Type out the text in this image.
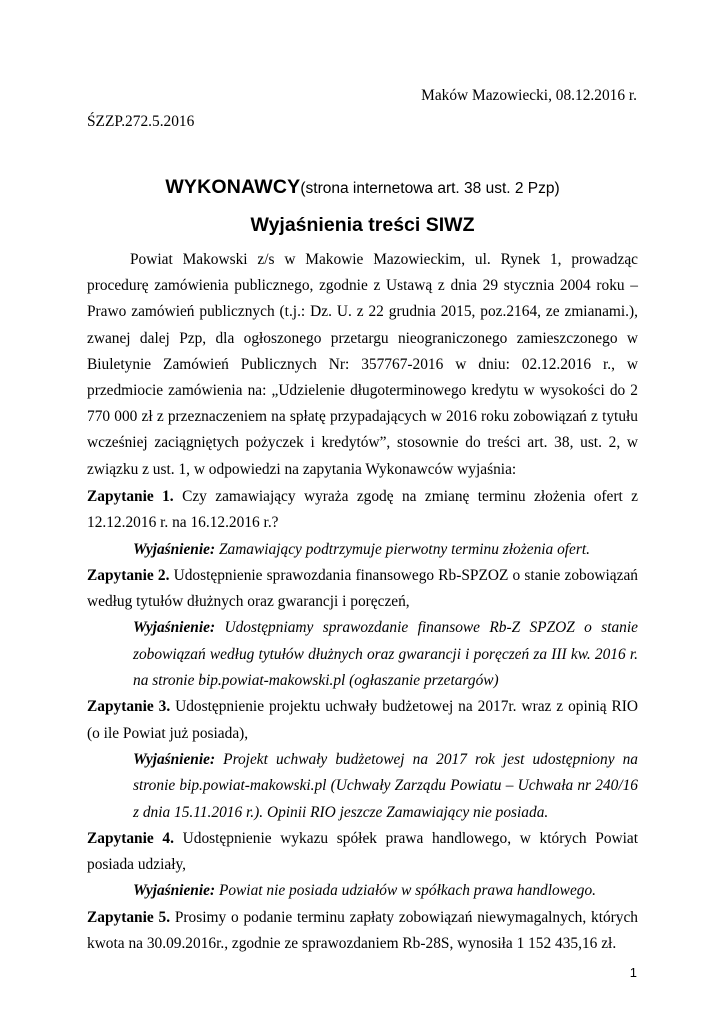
Maków Mazowiecki, 08.12.2016 r.
ŚZZP.272.5.2016
WYKONAWCY(strona internetowa art. 38 ust. 2 Pzp)
Wyjaśnienia treści SIWZ

Powiat Makowski z/s w Makowie Mazowieckim, ul. Rynek 1, prowadząc procedurę zamówienia publicznego, zgodnie z Ustawą z dnia 29 stycznia 2004 roku – Prawo zamówień publicznych (t.j.: Dz. U. z 22 grudnia 2015, poz.2164, ze zmianami.), zwanej dalej Pzp, dla ogłoszonego przetargu nieograniczonego zamieszczonego w Biuletynie Zamówień Publicznych Nr: 357767-2016 w dniu: 02.12.2016 r., w przedmiocie zamówienia na: „Udzielenie długoterminowego kredytu w wysokości do 2 770 000 zł z przeznaczeniem na spłatę przypadających w 2016 roku zobowiązań z tytułu wcześniej zaciągniętych pożyczek i kredytów”, stosownie do treści art. 38, ust. 2, w związku z ust. 1, w odpowiedzi na zapytania Wykonawców wyjaśnia:

Zapytanie 1. Czy zamawiający wyraża zgodę na zmianę terminu złożenia ofert z 12.12.2016 r. na 16.12.2016 r.?

Wyjaśnienie: Zamawiający podtrzymuje pierwotny terminu złożenia ofert.

Zapytanie 2. Udostępnienie sprawozdania finansowego Rb-SPZOZ o stanie zobowiązań według tytułów dłużnych oraz gwarancji i poręczeń,

Wyjaśnienie: Udostępniamy sprawozdanie finansowe Rb-Z SPZOZ o stanie zobowiązań według tytułów dłużnych oraz gwarancji i poręczeń za III kw. 2016 r. na stronie bip.powiat-makowski.pl (ogłaszanie przetargów)

Zapytanie 3. Udostępnienie projektu uchwały budżetowej na 2017r. wraz z opinią RIO (o ile Powiat już posiada),

Wyjaśnienie: Projekt uchwały budżetowej na 2017 rok jest udostępniony na stronie bip.powiat-makowski.pl (Uchwały Zarządu Powiatu – Uchwała nr 240/16 z dnia 15.11.2016 r.). Opinii RIO jeszcze Zamawiający nie posiada.

Zapytanie 4. Udostępnienie wykazu spółek prawa handlowego, w których Powiat posiada udziały,

Wyjaśnienie: Powiat nie posiada udziałów w spółkach prawa handlowego.

Zapytanie 5. Prosimy o podanie terminu zapłaty zobowiązań niewymagalnych, których kwota na 30.09.2016r., zgodnie ze sprawozdaniem Rb-28S, wynosiła 1 152 435,16 zł.

1
